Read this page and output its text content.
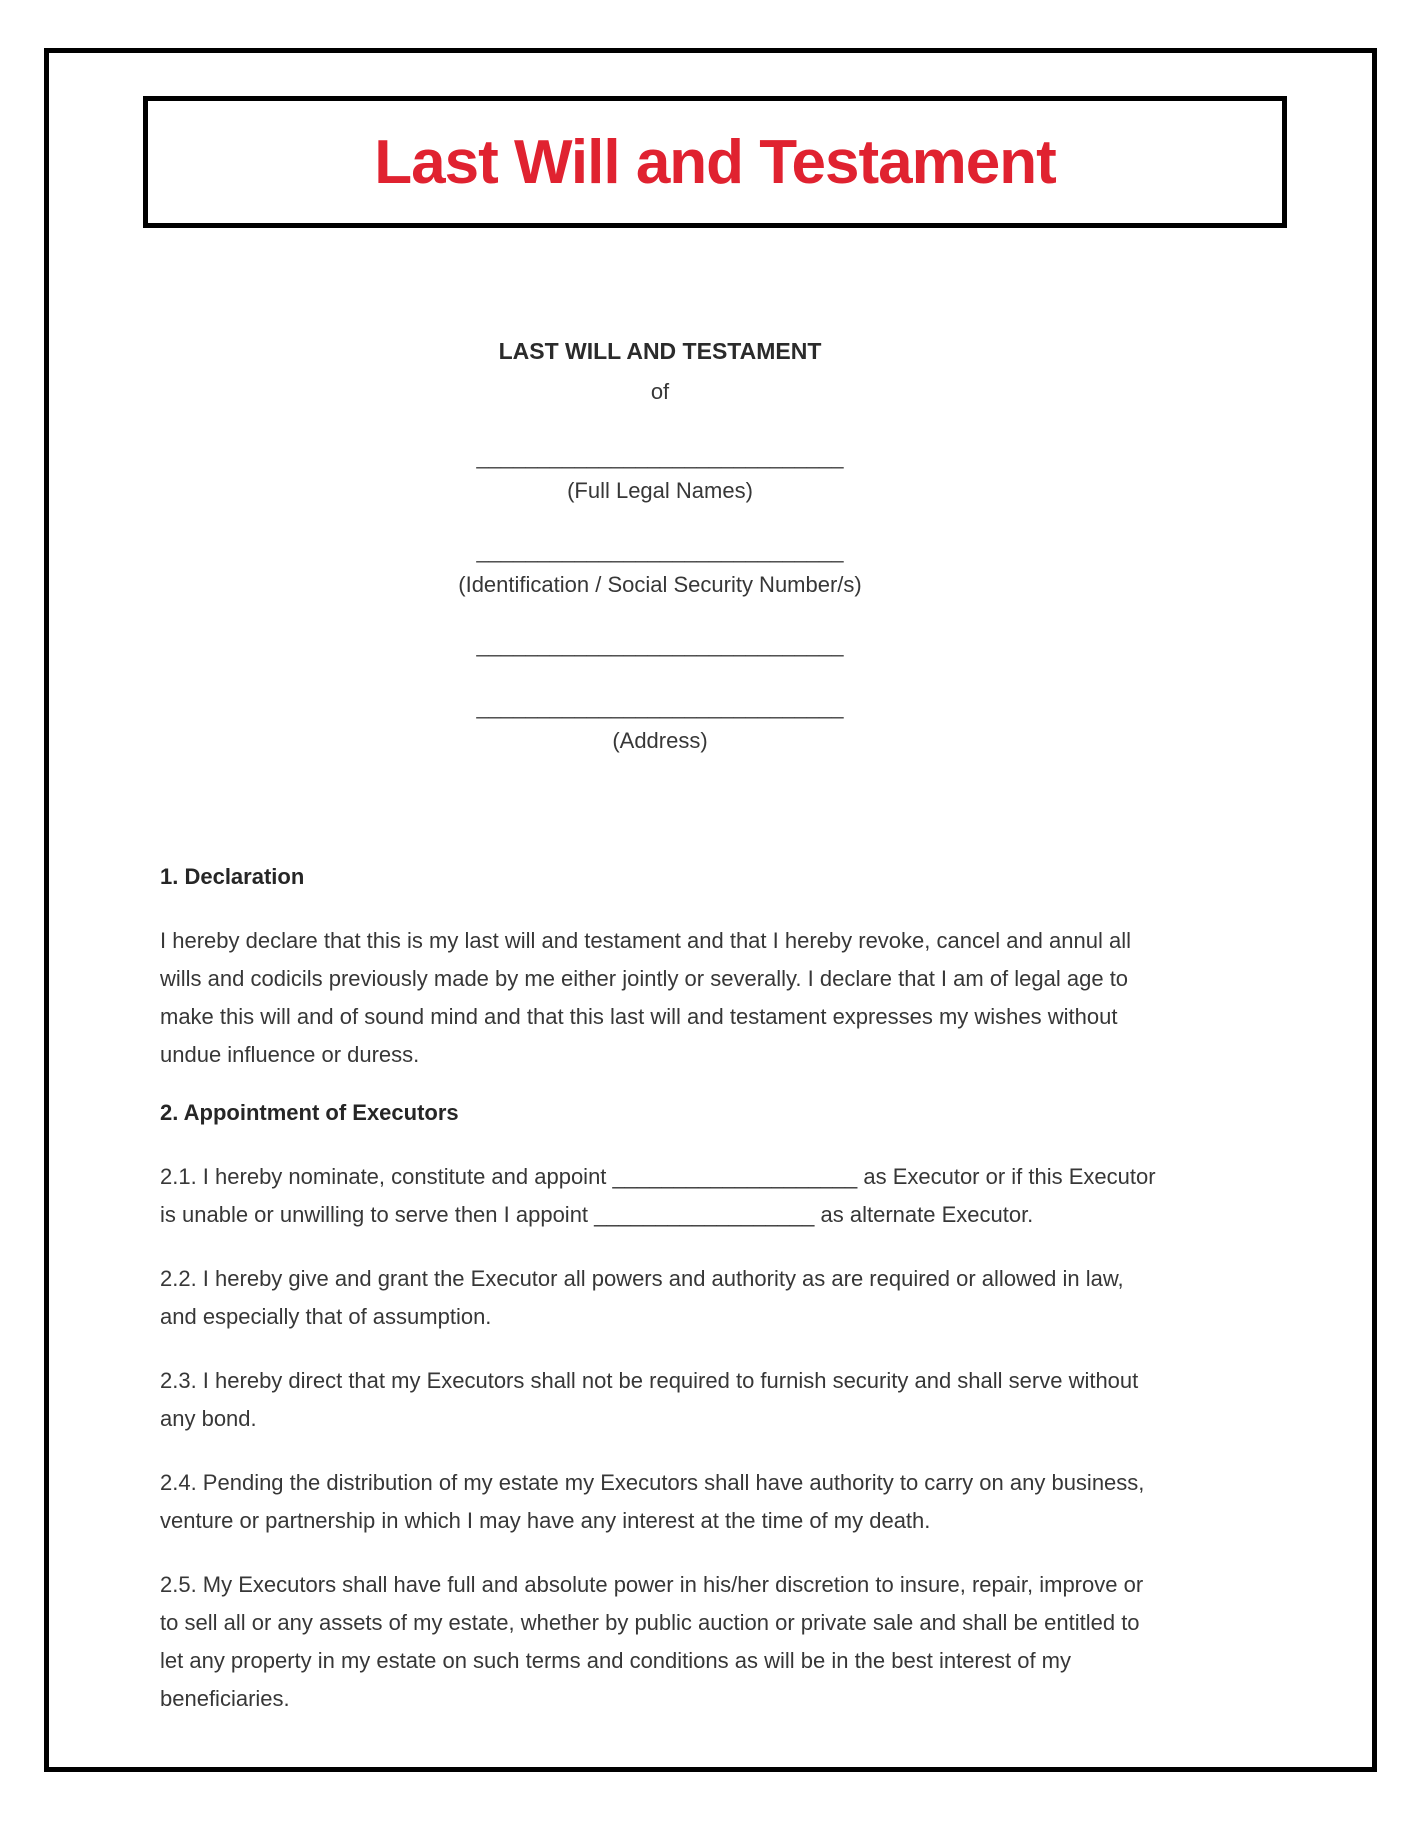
Last Will and Testament
LAST WILL AND TESTAMENT
of
______________________________
(Full Legal Names)
______________________________
(Identification / Social Security Number/s)
______________________________
______________________________
(Address)
1. Declaration

I hereby declare that this is my last will and testament and that I hereby revoke, cancel and annul all wills and codicils previously made by me either jointly or severally. I declare that I am of legal age to make this will and of sound mind and that this last will and testament expresses my wishes without undue influence or duress.

2. Appointment of Executors

2.1. I hereby nominate, constitute and appoint ____________________ as Executor or if this Executor is unable or unwilling to serve then I appoint __________________ as alternate Executor.

2.2. I hereby give and grant the Executor all powers and authority as are required or allowed in law, and especially that of assumption.

2.3. I hereby direct that my Executors shall not be required to furnish security and shall serve without any bond.

2.4. Pending the distribution of my estate my Executors shall have authority to carry on any business, venture or partnership in which I may have any interest at the time of my death.

2.5. My Executors shall have full and absolute power in his/her discretion to insure, repair, improve or to sell all or any assets of my estate, whether by public auction or private sale and shall be entitled to let any property in my estate on such terms and conditions as will be in the best interest of my beneficiaries.
